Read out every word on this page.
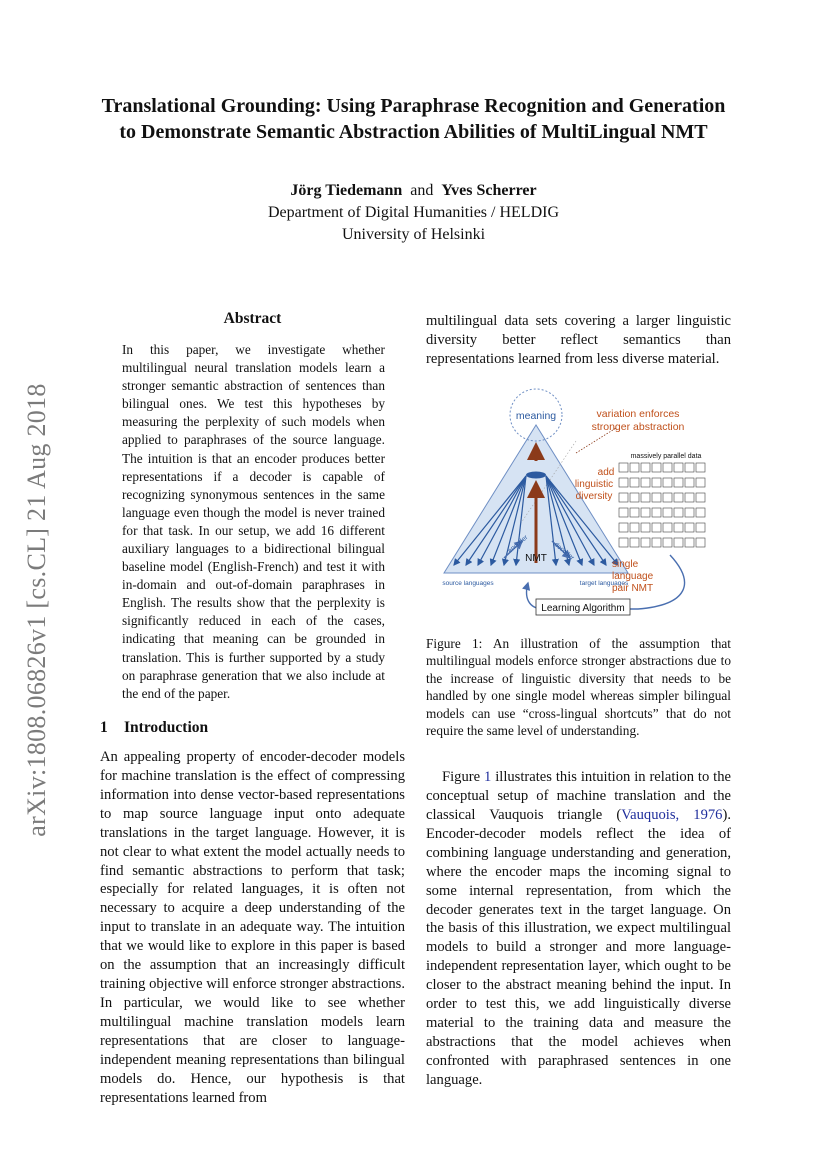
arXiv:1808.06826v1 [cs.CL] 21 Aug 2018
Translational Grounding: Using Paraphrase Recognition and Generation
to Demonstrate Semantic Abstraction Abilities of MultiLingual NMT
Jörg Tiedemann and Yves Scherrer
Department of Digital Humanities / HELDIG
University of Helsinki
Abstract

In this paper, we investigate whether multilingual neural translation models learn a stronger semantic abstraction of sentences than bilingual ones. We test this hypotheses by measuring the perplexity of such models when applied to paraphrases of the source language. The intuition is that an encoder produces better representations if a decoder is capable of recognizing synonymous sentences in the same language even though the model is never trained for that task. In our setup, we add 16 different auxiliary languages to a bidirectional bilingual baseline model (English-French) and test it with in-domain and out-of-domain paraphrases in English. The results show that the perplexity is significantly reduced in each of the cases, indicating that meaning can be grounded in translation. This is further supported by a study on paraphrase generation that we also include at the end of the paper.

1 Introduction

An appealing property of encoder-decoder models for machine translation is the effect of compressing information into dense vector-based representations to map source language input onto adequate translations in the target language. However, it is not clear to what extent the model actually needs to find semantic abstractions to perform that task; especially for related languages, it is often not necessary to acquire a deep understanding of the input to translate in an adequate way. The intuition that we would like to explore in this paper is based on the assumption that an increasingly difficult training objective will enforce stronger abstractions. In particular, we would like to see whether multilingual machine translation models learn representations that are closer to language-independent meaning representations than bilingual models do. Hence, our hypothesis is that representations learned from

multilingual data sets covering a larger linguistic diversity better reflect semantics than representations learned from less diverse material.

meaning
encoder	decoder
NMT
source languages	target languages
variation enforces
stronger abstraction
massively parallel data
add
linguistic
diversity
single
language
pair NMT
Learning Algorithm

Figure 1: An illustration of the assumption that multilingual models enforce stronger abstractions due to the increase of linguistic diversity that needs to be handled by one single model whereas simpler bilingual models can use “cross-lingual shortcuts” that do not require the same level of understanding.

Figure 1 illustrates this intuition in relation to the conceptual setup of machine translation and the classical Vauquois triangle (Vauquois, 1976). Encoder-decoder models reflect the idea of combining language understanding and generation, where the encoder maps the incoming signal to some internal representation, from which the decoder generates text in the target language. On the basis of this illustration, we expect multilingual models to build a stronger and more language-independent representation layer, which ought to be closer to the abstract meaning behind the input. In order to test this, we add linguistically diverse material to the training data and measure the abstractions that the model achieves when confronted with paraphrased sentences in one language.
